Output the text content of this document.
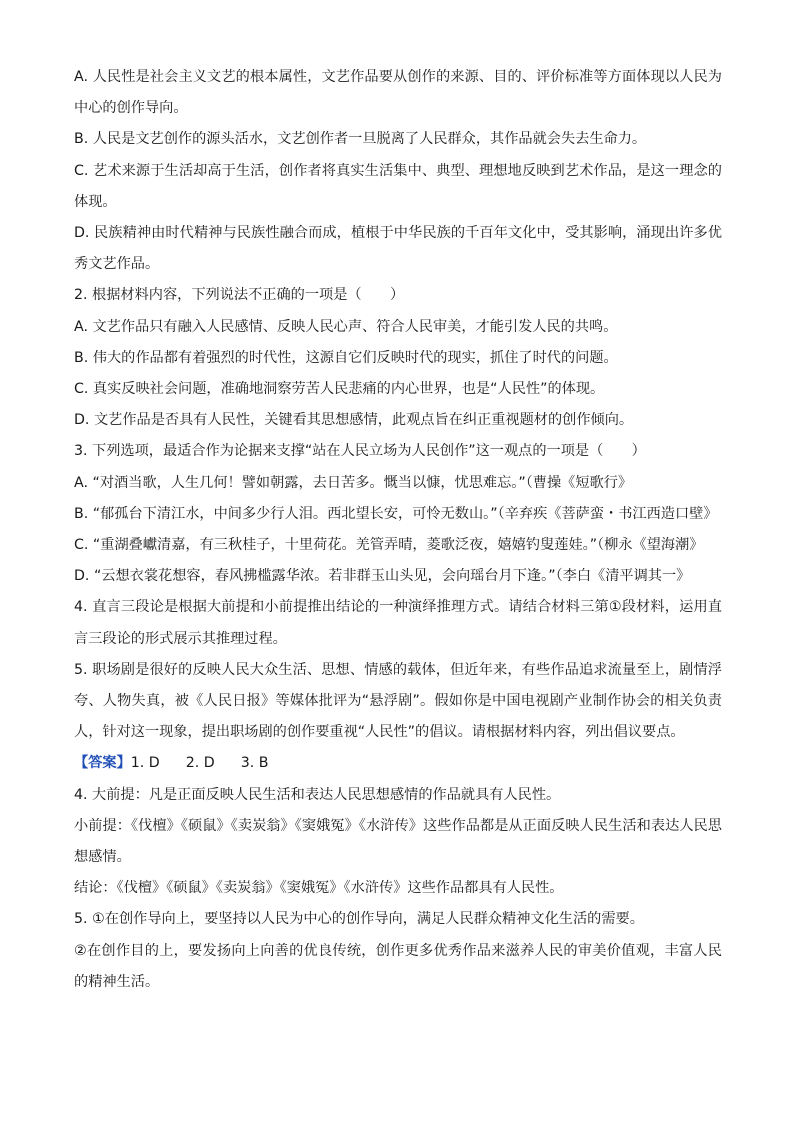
A. 人民性是社会主义文艺的根本属性，文艺作品要从创作的来源、目的、评价标准等方面体现以人民为中心的创作导向。

B. 人民是文艺创作的源头活水，文艺创作者一旦脱离了人民群众，其作品就会失去生命力。

C. 艺术来源于生活却高于生活，创作者将真实生活集中、典型、理想地反映到艺术作品，是这一理念的体现。

D. 民族精神由时代精神与民族性融合而成，植根于中华民族的千百年文化中，受其影响，涌现出许多优秀文艺作品。

2. 根据材料内容，下列说法不正确的一项是（　　）

A. 文艺作品只有融入人民感情、反映人民心声、符合人民审美，才能引发人民的共鸣。

B. 伟大的作品都有着强烈的时代性，这源自它们反映时代的现实，抓住了时代的问题。

C. 真实反映社会问题，准确地洞察劳苦人民悲痛的内心世界，也是“人民性”的体现。

D. 文艺作品是否具有人民性，关键看其思想感情，此观点旨在纠正重视题材的创作倾向。

3. 下列选项，最适合作为论据来支撑“站在人民立场为人民创作”这一观点的一项是（　　）

A. “对酒当歌，人生几何！譬如朝露，去日苦多。慨当以慷，忧思难忘。”（曹操《短歌行》

B. “郁孤台下清江水，中间多少行人泪。西北望长安，可怜无数山。”（辛弃疾《菩萨蛮・书江西造口壁》

C. “重湖叠巘清嘉，有三秋桂子，十里荷花。羌管弄晴，菱歌泛夜，嬉嬉钓叟莲娃。”（柳永《望海潮》

D. “云想衣裳花想容，春风拂槛露华浓。若非群玉山头见，会向瑶台月下逢。”（李白《清平调其一》

4. 直言三段论是根据大前提和小前提推出结论的一种演绎推理方式。请结合材料三第①段材料，运用直言三段论的形式展示其推理过程。

5. 职场剧是很好的反映人民大众生活、思想、情感的载体，但近年来，有些作品追求流量至上，剧情浮夸、人物失真，被《人民日报》等媒体批评为“悬浮剧”。假如你是中国电视剧产业制作协会的相关负责人，针对这一现象，提出职场剧的创作要重视“人民性”的倡议。请根据材料内容，列出倡议要点。

【答案】1. D 2. D 3. B

4. 大前提：凡是正面反映人民生活和表达人民思想感情的作品就具有人民性。

小前提：《伐檀》《硕鼠》《卖炭翁》《窦娥冤》《水浒传》这些作品都是从正面反映人民生活和表达人民思想感情。

结论：《伐檀》《硕鼠》《卖炭翁》《窦娥冤》《水浒传》这些作品都具有人民性。

5. ①在创作导向上，要坚持以人民为中心的创作导向，满足人民群众精神文化生活的需要。

②在创作目的上，要发扬向上向善的优良传统，创作更多优秀作品来滋养人民的审美价值观，丰富人民的精神生活。
